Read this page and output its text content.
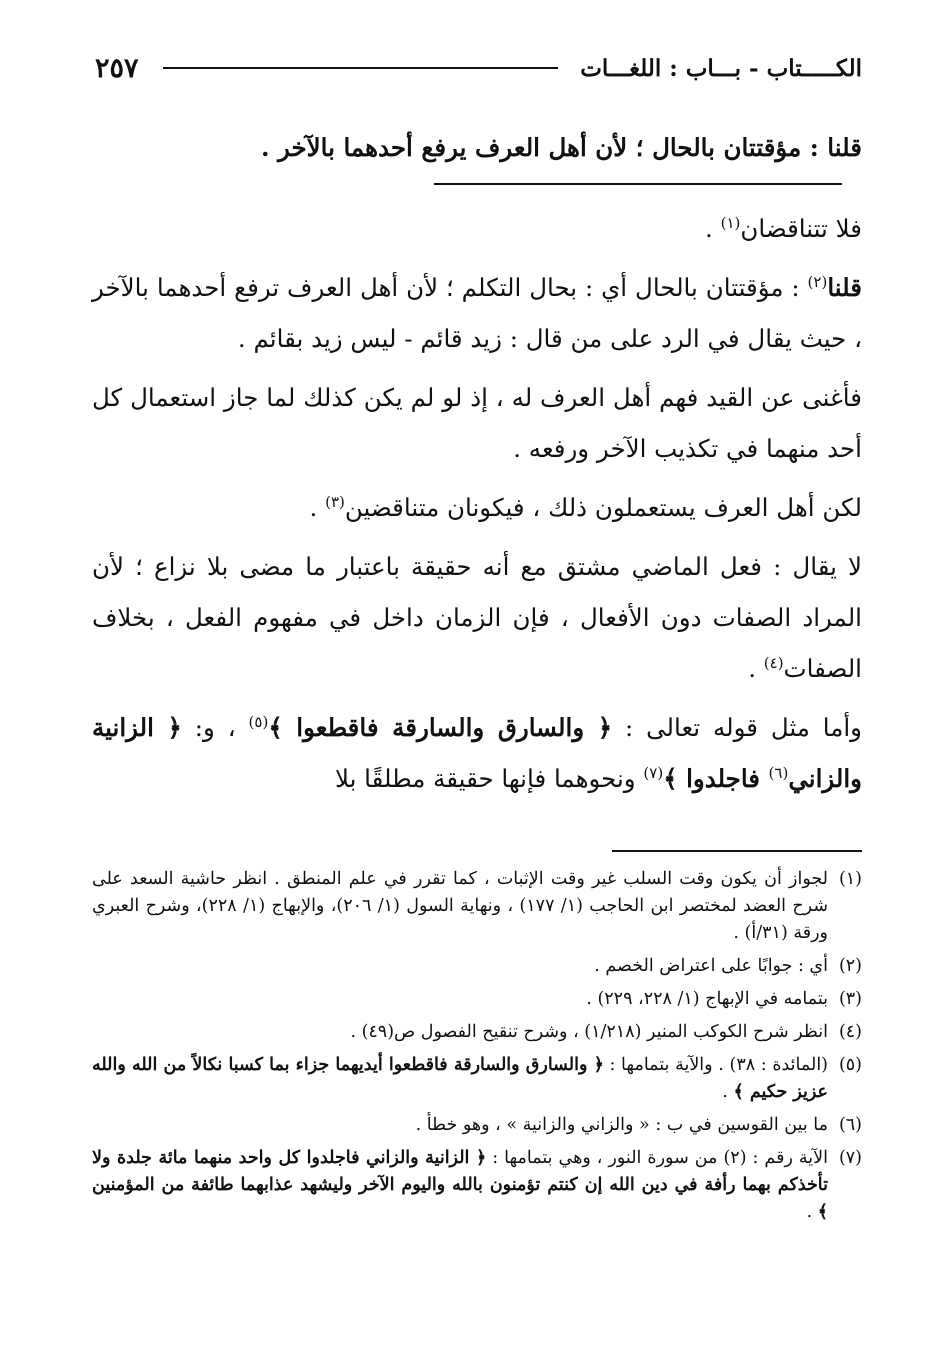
الكـــــتاب - بـــاب : اللغـــات
٢٥٧

قلنا : مؤقتتان بالحال ؛ لأن أهل العرف يرفع أحدهما بالآخر .

فلا تتناقضان$^{(١)}$ .

قلنا$^{(٢)}$ : مؤقتتان بالحال أي : بحال التكلم ؛ لأن أهل العرف ترفع أحدهما بالآخر ، حيث يقال في الرد على من قال : زيد قائم - ليس زيد بقائم .

فأغنى عن القيد فهم أهل العرف له ، إذ لو لم يكن كذلك لما جاز استعمال كل أحد منهما في تكذيب الآخر ورفعه .

لكن أهل العرف يستعملون ذلك ، فيكونان متناقضين$^{(٣)}$ .

لا يقال : فعل الماضي مشتق مع أنه حقيقة باعتبار ما مضى بلا نزاع ؛ لأن المراد الصفات دون الأفعال ، فإن الزمان داخل في مفهوم الفعل ، بخلاف الصفات$^{(٤)}$ .

وأما مثل قوله تعالى : ﴿ والسارق والسارقة فاقطعوا ﴾$^{(٥)}$ ، و: ﴿ الزانية والزاني$^{(٦)}$ فاجلدوا ﴾$^{(٧)}$ ونحوهما فإنها حقيقة مطلقًا بلا

(١)
لجواز أن يكون وقت السلب غير وقت الإثبات ، كما تقرر في علم المنطق . انظر حاشية السعد على شرح العضد لمختصر ابن الحاجب (١/ ١٧٧) ، ونهاية السول (١/ ٢٠٦)، والإبهاج (١/ ٢٢٨)، وشرح العبري ورقة (٣١/أ) .
(٢)
أي : جوابًا على اعتراض الخصم .
(٣)
بتمامه في الإبهاج (١/ ٢٢٨، ٢٢٩) .
(٤)
انظر شرح الكوكب المنير (١/٢١٨) ، وشرح تنقيح الفصول ص(٤٩) .
(٥)
(المائدة : ٣٨) . والآية بتمامها : ﴿ والسارق والسارقة فاقطعوا أيديهما جزاء بما كسبا نكالاً من الله والله عزيز حكيم ﴾ .
(٦)
ما بين القوسين في ب : « والزاني والزانية » ، وهو خطأ .
(٧)
الآية رقم : (٢) من سورة النور ، وهي بتمامها : ﴿ الزانية والزاني فاجلدوا كل واحد منهما مائة جلدة ولا تأخذكم بهما رأفة في دين الله إن كنتم تؤمنون بالله واليوم الآخر وليشهد عذابهما طائفة من المؤمنين ﴾ .
